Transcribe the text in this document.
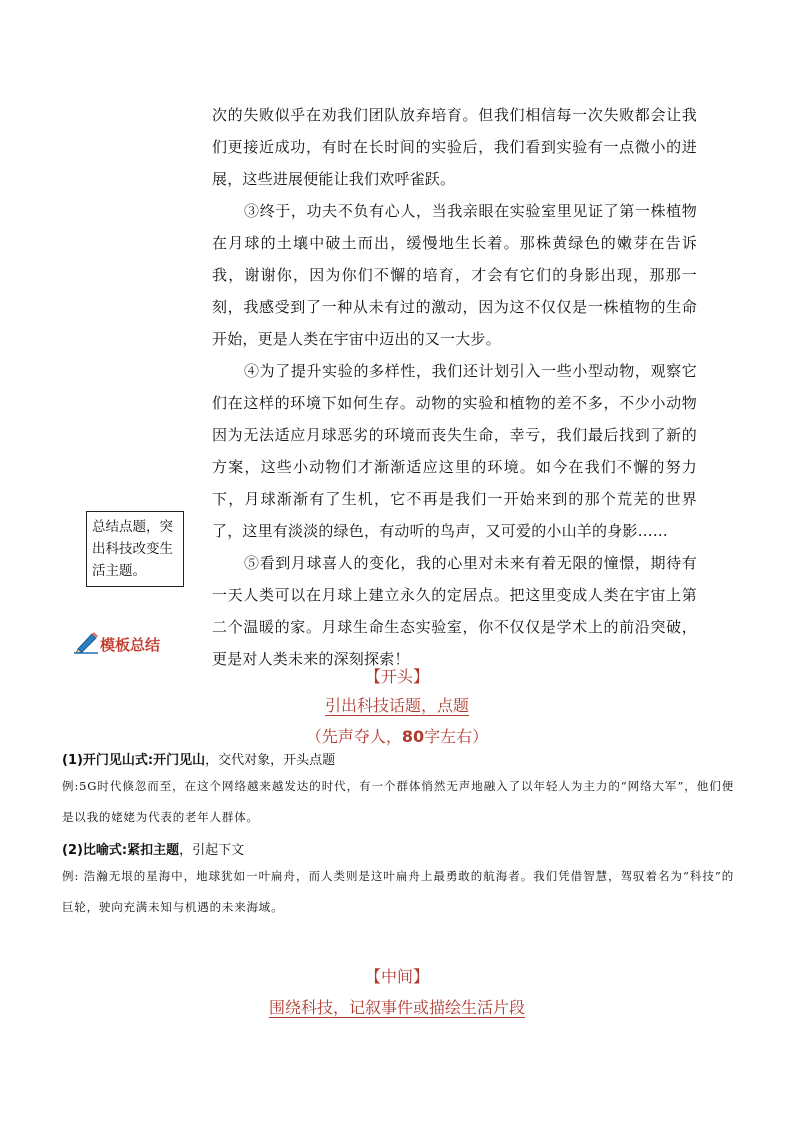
次的失败似乎在劝我们团队放弃培育。但我们相信每一次失败都会让我们更接近成功，有时在长时间的实验后，我们看到实验有一点微小的进展，这些进展便能让我们欢呼雀跃。

③终于，功夫不负有心人，当我亲眼在实验室里见证了第一株植物在月球的土壤中破土而出，缓慢地生长着。那株黄绿色的嫩芽在告诉我，谢谢你，因为你们不懈的培育，才会有它们的身影出现，那那一刻，我感受到了一种从未有过的激动，因为这不仅仅是一株植物的生命开始，更是人类在宇宙中迈出的又一大步。

④为了提升实验的多样性，我们还计划引入一些小型动物，观察它们在这样的环境下如何生存。动物的实验和植物的差不多，不少小动物因为无法适应月球恶劣的环境而丧失生命，幸亏，我们最后找到了新的方案，这些小动物们才渐渐适应这里的环境。如今在我们不懈的努力下，月球渐渐有了生机，它不再是我们一开始来到的那个荒芜的世界了，这里有淡淡的绿色，有动听的鸟声，又可爱的小山羊的身影……

⑤看到月球喜人的变化，我的心里对未来有着无限的憧憬，期待有一天人类可以在月球上建立永久的定居点。把这里变成人类在宇宙上第二个温暖的家。月球生命生态实验室，你不仅仅是学术上的前沿突破，更是对人类未来的深刻探索！

总结点题，突出科技改变生活主题。
模板总结
【开头】
引出科技话题，点题
（先声夺人，80字左右）
(1)开门见山式:开门见山，交代对象，开头点题
例:5G时代倏忽而至，在这个网络越来越发达的时代，有一个群体悄然无声地融入了以年轻人为主力的“网络大军”，他们便是以我的姥姥为代表的老年人群体。
(2)比喻式:紧扣主题，引起下文
例: 浩瀚无垠的星海中，地球犹如一叶扁舟，而人类则是这叶扁舟上最勇敢的航海者。我们凭借智慧，驾驭着名为“科技”的巨轮，驶向充满未知与机遇的未来海域。
【中间】
围绕科技，记叙事件或描绘生活片段
